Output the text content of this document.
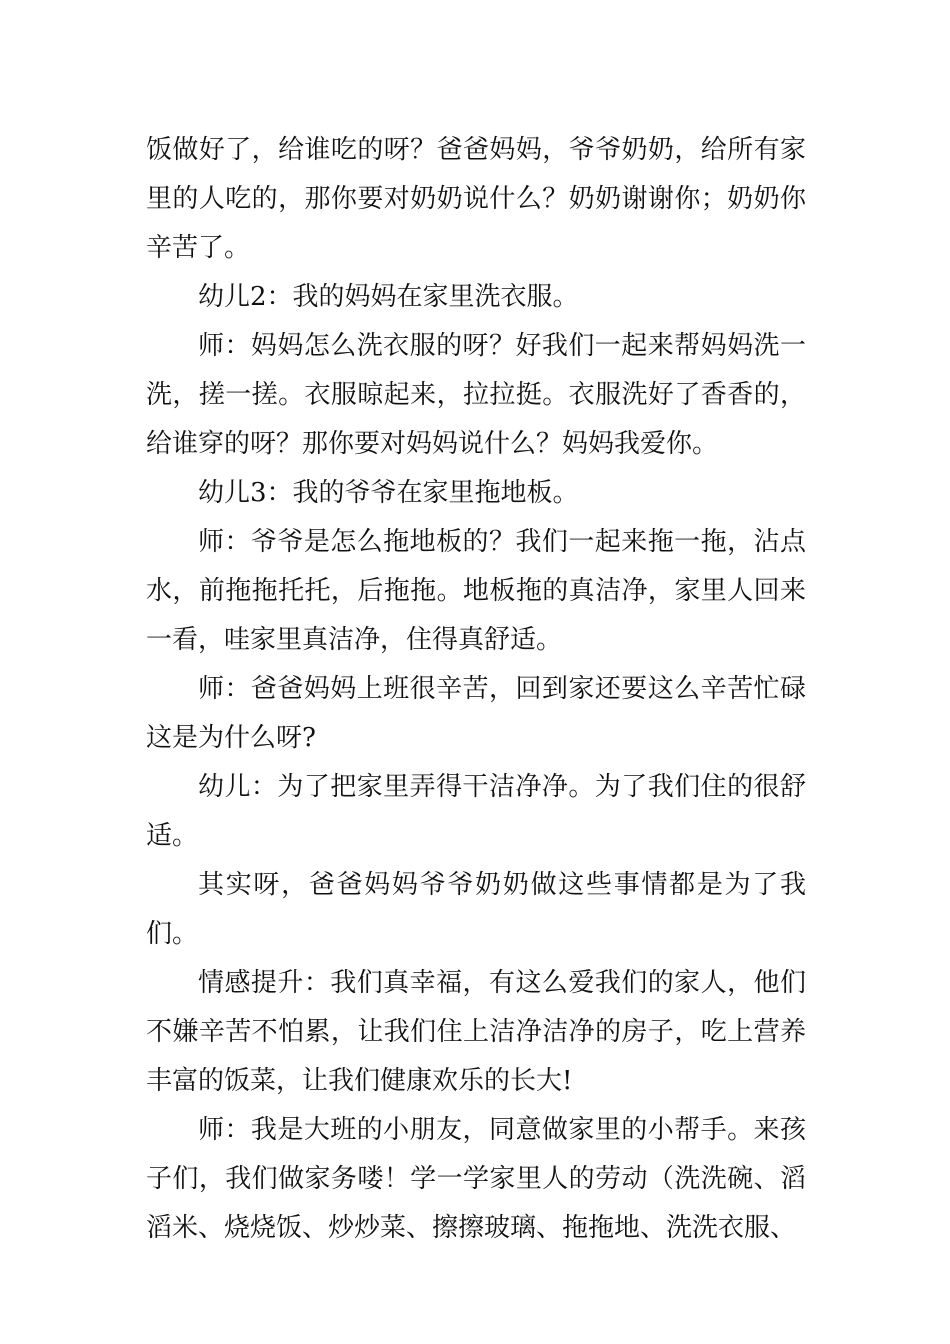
饭做好了，给谁吃的呀？爸爸妈妈，爷爷奶奶，给所有家里的人吃的，那你要对奶奶说什么？奶奶谢谢你；奶奶你辛苦了。

幼儿2：我的妈妈在家里洗衣服。

师：妈妈怎么洗衣服的呀？好我们一起来帮妈妈洗一洗，搓一搓。衣服晾起来，拉拉挺。衣服洗好了香香的，给谁穿的呀？那你要对妈妈说什么？妈妈我爱你。

幼儿3：我的爷爷在家里拖地板。

师：爷爷是怎么拖地板的？我们一起来拖一拖，沾点水，前拖拖托托，后拖拖。地板拖的真洁净，家里人回来一看，哇家里真洁净，住得真舒适。

师：爸爸妈妈上班很辛苦，回到家还要这么辛苦忙碌这是为什么呀?

幼儿：为了把家里弄得干洁净净。为了我们住的很舒适。

其实呀，爸爸妈妈爷爷奶奶做这些事情都是为了我们。

情感提升：我们真幸福，有这么爱我们的家人，他们不嫌辛苦不怕累，让我们住上洁净洁净的房子，吃上营养丰富的饭菜，让我们健康欢乐的长大!

师：我是大班的小朋友，同意做家里的小帮手。来孩子们，我们做家务喽！学一学家里人的劳动（洗洗碗、滔滔米、烧烧饭、炒炒菜、擦擦玻璃、拖拖地、洗洗衣服、
